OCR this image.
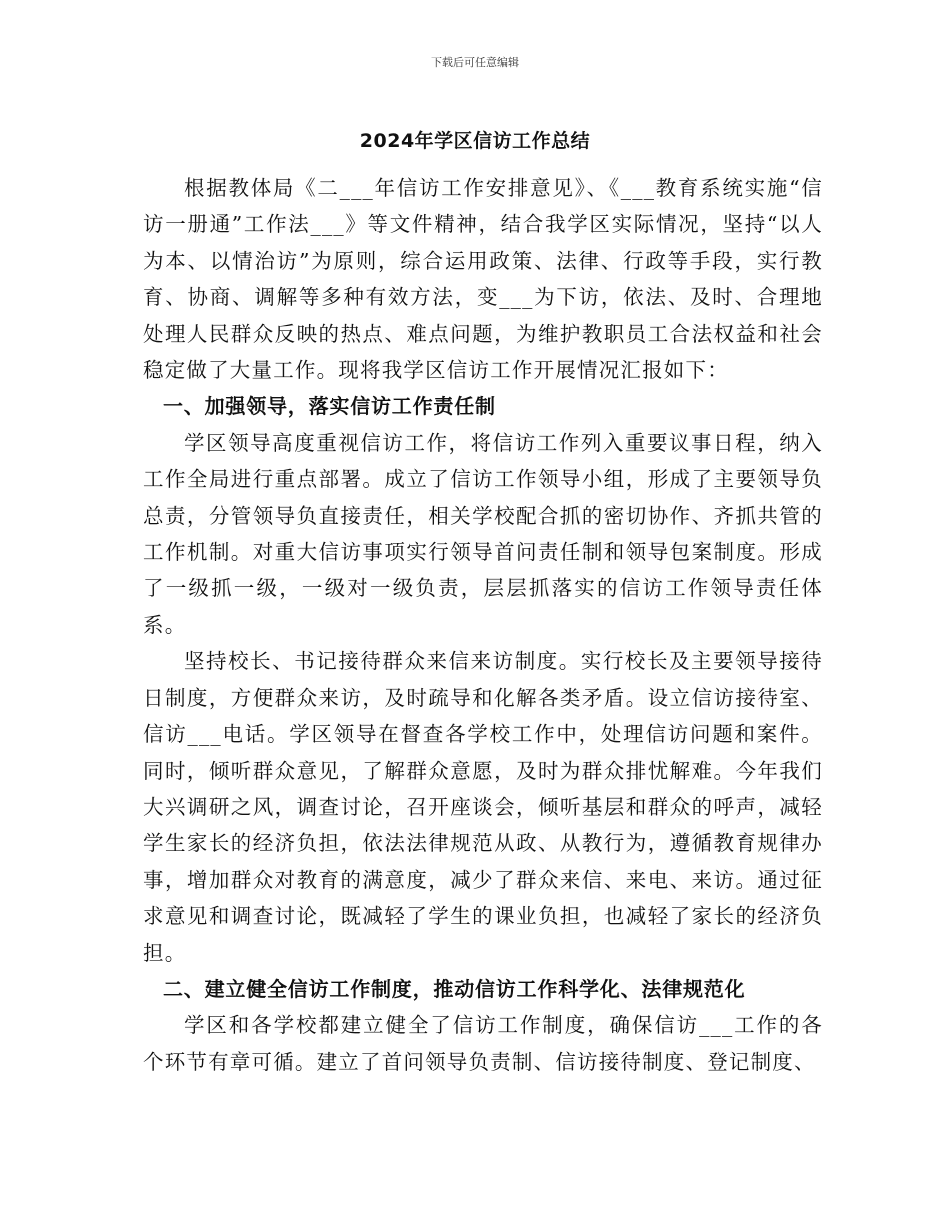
下载后可任意编辑
2024年学区信访工作总结

根据教体局《二___年信访工作安排意见》、《___教育系统实施“信访一册通”工作法___》等文件精神，结合我学区实际情况，坚持“以人为本、以情治访”为原则，综合运用政策、法律、行政等手段，实行教育、协商、调解等多种有效方法，变___为下访，依法、及时、合理地处理人民群众反映的热点、难点问题，为维护教职员工合法权益和社会稳定做了大量工作。现将我学区信访工作开展情况汇报如下：

一、加强领导，落实信访工作责任制

学区领导高度重视信访工作，将信访工作列入重要议事日程，纳入工作全局进行重点部署。成立了信访工作领导小组，形成了主要领导负总责，分管领导负直接责任，相关学校配合抓的密切协作、齐抓共管的工作机制。对重大信访事项实行领导首问责任制和领导包案制度。形成了一级抓一级，一级对一级负责，层层抓落实的信访工作领导责任体系。

坚持校长、书记接待群众来信来访制度。实行校长及主要领导接待日制度，方便群众来访，及时疏导和化解各类矛盾。设立信访接待室、信访___电话。学区领导在督查各学校工作中，处理信访问题和案件。同时，倾听群众意见，了解群众意愿，及时为群众排忧解难。今年我们大兴调研之风，调查讨论，召开座谈会，倾听基层和群众的呼声，减轻学生家长的经济负担，依法法律规范从政、从教行为，遵循教育规律办事，增加群众对教育的满意度，减少了群众来信、来电、来访。通过征求意见和调查讨论，既减轻了学生的课业负担，也减轻了家长的经济负担。

二、建立健全信访工作制度，推动信访工作科学化、法律规范化

学区和各学校都建立健全了信访工作制度，确保信访___工作的各个环节有章可循。建立了首问领导负责制、信访接待制度、登记制度、
